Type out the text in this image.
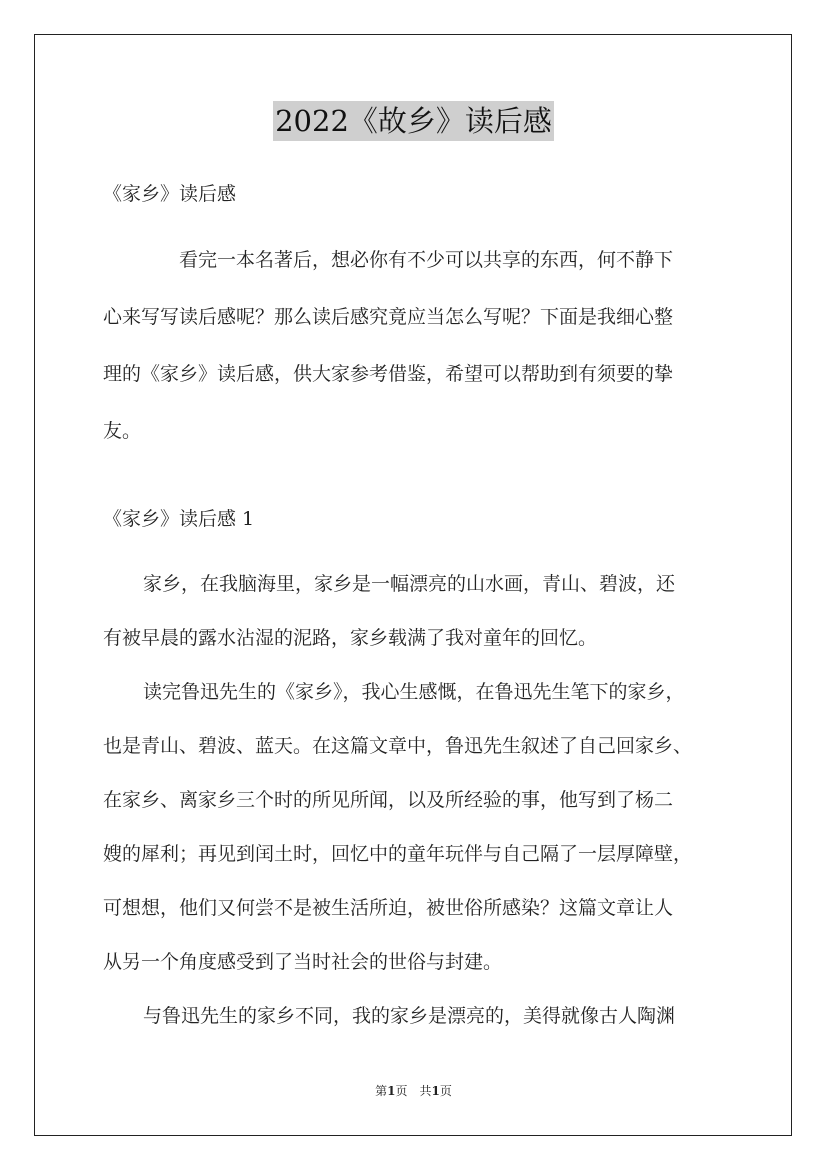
2022《故乡》读后感
《家乡》读后感
看完一本名著后，想必你有不少可以共享的东西，何不静下
心来写写读后感呢？那么读后感究竟应当怎么写呢？下面是我细心整
理的《家乡》读后感，供大家参考借鉴，希望可以帮助到有须要的挚
友。
《家乡》读后感 1
家乡，在我脑海里，家乡是一幅漂亮的山水画，青山、碧波，还
有被早晨的露水沾湿的泥路，家乡载满了我对童年的回忆。
读完鲁迅先生的《家乡》，我心生感慨，在鲁迅先生笔下的家乡，
也是青山、碧波、蓝天。在这篇文章中，鲁迅先生叙述了自己回家乡、
在家乡、离家乡三个时的所见所闻，以及所经验的事，他写到了杨二
嫂的犀利；再见到闰土时，回忆中的童年玩伴与自己隔了一层厚障壁，
可想想，他们又何尝不是被生活所迫，被世俗所感染？这篇文章让人
从另一个角度感受到了当时社会的世俗与封建。
与鲁迅先生的家乡不同，我的家乡是漂亮的，美得就像古人陶渊
第1页　共1页
